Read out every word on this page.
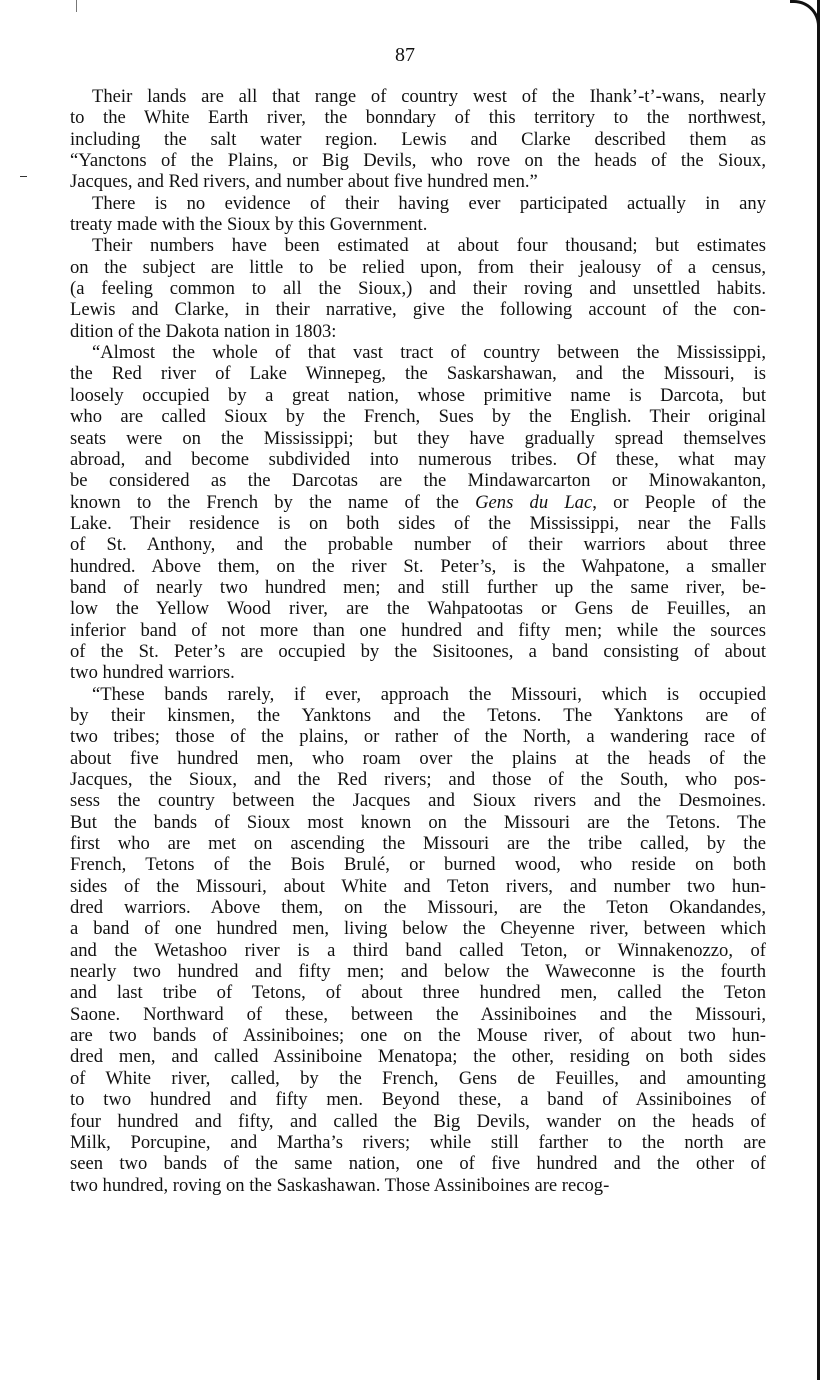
87
Their lands are all that range of country west of the Ihank’-t’-wans, nearly
to the White Earth river, the bonndary of this territory to the northwest,
including the salt water region. Lewis and Clarke described them as
“Yanctons of the Plains, or Big Devils, who rove on the heads of the Sioux,
Jacques, and Red rivers, and number about five hundred men.”
There is no evidence of their having ever participated actually in any
treaty made with the Sioux by this Government.
Their numbers have been estimated at about four thousand; but estimates
on the subject are little to be relied upon, from their jealousy of a census,
(a feeling common to all the Sioux,) and their roving and unsettled habits.
Lewis and Clarke, in their narrative, give the following account of the con-
dition of the Dakota nation in 1803:
“Almost the whole of that vast tract of country between the Mississippi,
the Red river of Lake Winnepeg, the Saskarshawan, and the Missouri, is
loosely occupied by a great nation, whose primitive name is Darcota, but
who are called Sioux by the French, Sues by the English. Their original
seats were on the Mississippi; but they have gradually spread themselves
abroad, and become subdivided into numerous tribes. Of these, what may
be considered as the Darcotas are the Mindawarcarton or Minowakanton,
known to the French by the name of the Gens du Lac, or People of the
Lake. Their residence is on both sides of the Mississippi, near the Falls
of St. Anthony, and the probable number of their warriors about three
hundred. Above them, on the river St. Peter’s, is the Wahpatone, a smaller
band of nearly two hundred men; and still further up the same river, be-
low the Yellow Wood river, are the Wahpatootas or Gens de Feuilles, an
inferior band of not more than one hundred and fifty men; while the sources
of the St. Peter’s are occupied by the Sisitoones, a band consisting of about
two hundred warriors.
“These bands rarely, if ever, approach the Missouri, which is occupied
by their kinsmen, the Yanktons and the Tetons. The Yanktons are of
two tribes; those of the plains, or rather of the North, a wandering race of
about five hundred men, who roam over the plains at the heads of the
Jacques, the Sioux, and the Red rivers; and those of the South, who pos-
sess the country between the Jacques and Sioux rivers and the Desmoines.
But the bands of Sioux most known on the Missouri are the Tetons. The
first who are met on ascending the Missouri are the tribe called, by the
French, Tetons of the Bois Brulé, or burned wood, who reside on both
sides of the Missouri, about White and Teton rivers, and number two hun-
dred warriors. Above them, on the Missouri, are the Teton Okandandes,
a band of one hundred men, living below the Cheyenne river, between which
and the Wetashoo river is a third band called Teton, or Winnakenozzo, of
nearly two hundred and fifty men; and below the Waweconne is the fourth
and last tribe of Tetons, of about three hundred men, called the Teton
Saone. Northward of these, between the Assiniboines and the Missouri,
are two bands of Assiniboines; one on the Mouse river, of about two hun-
dred men, and called Assiniboine Menatopa; the other, residing on both sides
of White river, called, by the French, Gens de Feuilles, and amounting
to two hundred and fifty men. Beyond these, a band of Assiniboines of
four hundred and fifty, and called the Big Devils, wander on the heads of
Milk, Porcupine, and Martha’s rivers; while still farther to the north are
seen two bands of the same nation, one of five hundred and the other of
two hundred, roving on the Saskashawan. Those Assiniboines are recog-
